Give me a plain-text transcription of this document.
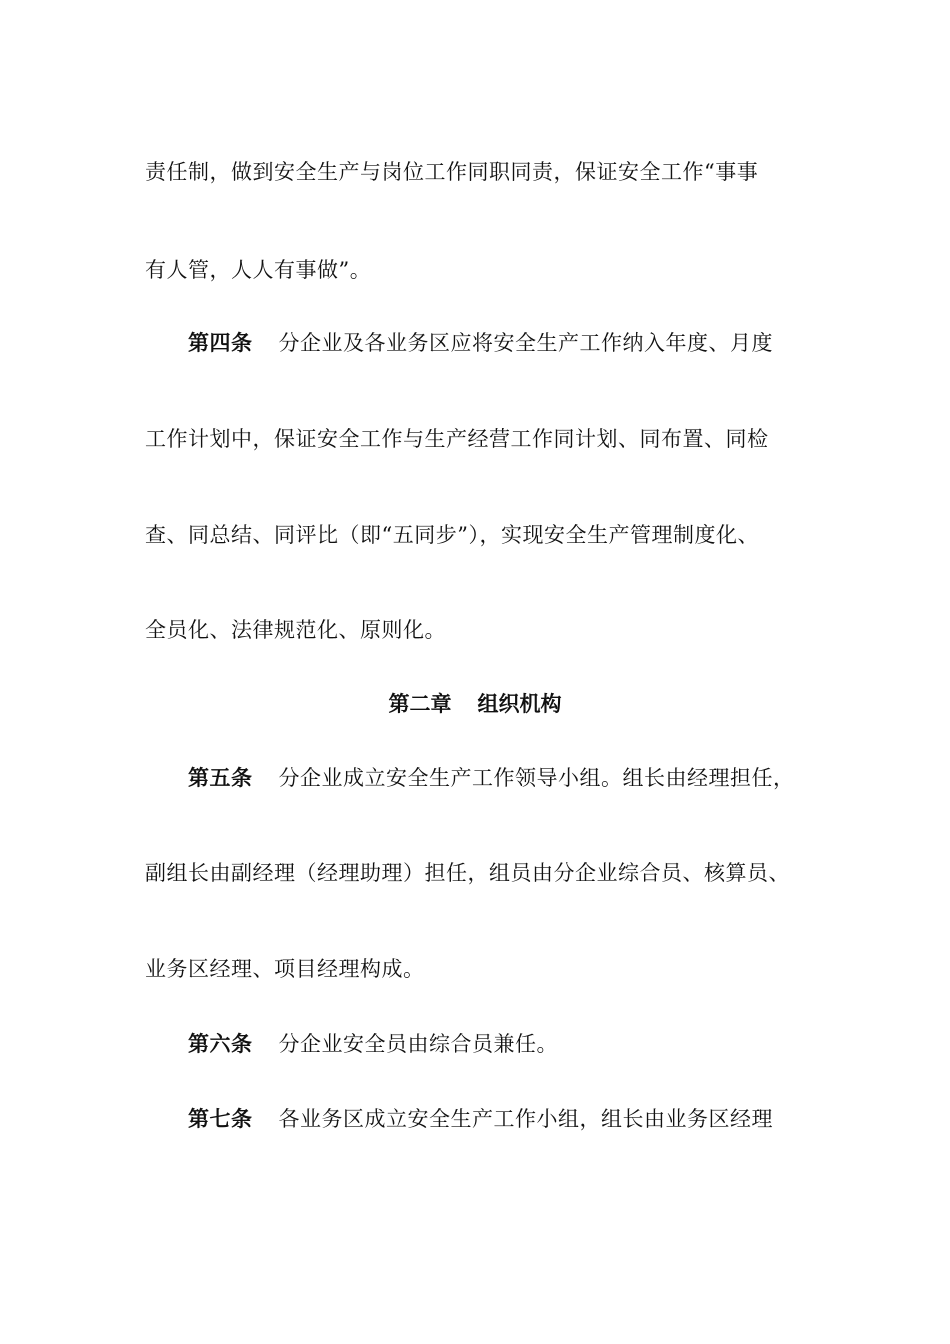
责任制，做到安全生产与岗位工作同职同责，保证安全工作“事事
有人管，人人有事做”。
第四条 分企业及各业务区应将安全生产工作纳入年度、月度
工作计划中，保证安全工作与生产经营工作同计划、同布置、同检
查、同总结、同评比（即“五同步”），实现安全生产管理制度化、
全员化、法律规范化、原则化。
第二章 组织机构
第五条 分企业成立安全生产工作领导小组。组长由经理担任，
副组长由副经理（经理助理）担任，组员由分企业综合员、核算员、
业务区经理、项目经理构成。
第六条 分企业安全员由综合员兼任。
第七条 各业务区成立安全生产工作小组，组长由业务区经理
